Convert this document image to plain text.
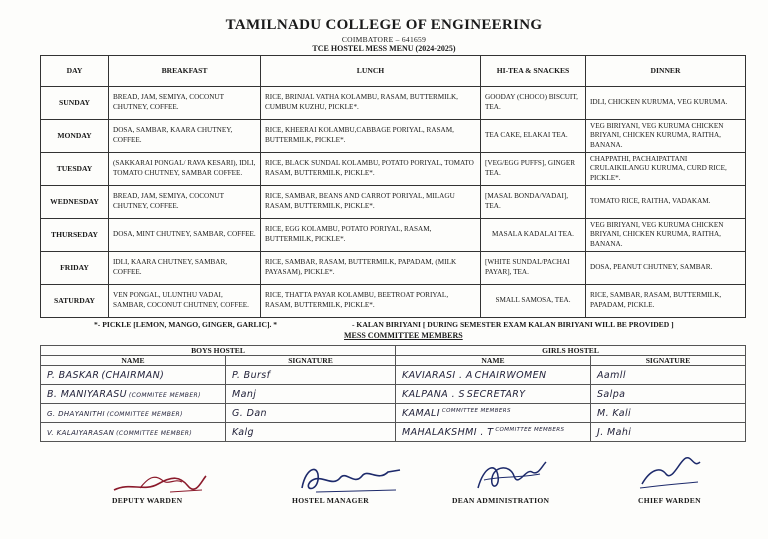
TAMILNADU COLLEGE OF ENGINEERING
COIMBATORE – 641659
TCE HOSTEL MESS MENU (2024-2025)
DAY	BREAKFAST	LUNCH	HI-TEA & SNACKES	DINNER
SUNDAY	BREAD, JAM, SEMIYA, COCONUT CHUTNEY, COFFEE.	RICE, BRINJAL VATHA KOLAMBU, RASAM, BUTTERMILK, CUMBUM KUZHU, PICKLE*.	GOODAY (CHOCO) BISCUIT, TEA.	IDLI, CHICKEN KURUMA, VEG KURUMA.
MONDAY	DOSA, SAMBAR, KAARA CHUTNEY, COFFEE.	RICE, KHEERAI KOLAMBU,CABBAGE PORIYAL, RASAM, BUTTERMILK, PICKLE*.	TEA CAKE, ELAKAI TEA.	VEG BIRIYANI, VEG KURUMA CHICKEN BRIYANI, CHICKEN KURUMA, RAITHA, BANANA.
TUESDAY	(SAKKARAI PONGAL/ RAVA KESARI), IDLI, TOMATO CHUTNEY, SAMBAR COFFEE.	RICE, BLACK SUNDAL KOLAMBU, POTATO PORIYAL, TOMATO RASAM, BUTTERMILK, PICKLE*.	[VEG/EGG PUFFS], GINGER TEA.	CHAPPATHI, PACHAIPATTANI CRULAIKILANGU KURUMA, CURD RICE, PICKLE*.
WEDNESDAY	BREAD, JAM, SEMIYA, COCONUT CHUTNEY, COFFEE.	RICE, SAMBAR, BEANS AND CARROT PORIYAL, MILAGU RASAM, BUTTERMILK, PICKLE*.	[MASAL BONDA/VADAI], TEA.	TOMATO RICE, RAITHA, VADAKAM.
THURSEDAY	DOSA, MINT CHUTNEY, SAMBAR, COFFEE.	RICE, EGG KOLAMBU, POTATO PORIYAL, RASAM, BUTTERMILK, PICKLE*.	MASALA KADALAI TEA.	VEG BIRIYANI, VEG KURUMA CHICKEN BRIYANI, CHICKEN KURUMA, RAITHA, BANANA.
FRIDAY	IDLI, KAARA CHUTNEY, SAMBAR, COFFEE.	RICE, SAMBAR, RASAM, BUTTERMILK, PAPADAM, (MILK PAYASAM), PICKLE*.	[WHITE SUNDAL/PACHAI PAYAR], TEA.	DOSA, PEANUT CHUTNEY, SAMBAR.
SATURDAY	VEN PONGAL, ULUNTHU VADAI, SAMBAR, COCONUT CHUTNEY, COFFEE.	RICE, THATTA PAYAR KOLAMBU, BEETROAT PORIYAL, RASAM, BUTTERMILK, PICKLE*.	SMALL SAMOSA, TEA.	RICE, SAMBAR, RASAM, BUTTERMILK, PAPADAM, PICKLE.
*- PICKLE [LEMON, MANGO, GINGER, GARLIC]. *	- KALAN BIRIYANI [ DURING SEMESTER EXAM KALAN BIRIYANI WILL BE PROVIDED ]
MESS COMMITTEE MEMBERS
BOYS HOSTEL		GIRLS HOSTEL	
NAME	SIGNATURE	NAME	SIGNATURE
P. BASKAR (CHAIRMAN)	P. Bursf	KAVIARASI . A CHAIRWOMEN	Aamll
B. MANIYARASU (COMMITEE MEMBER)	Manj	KALPANA . S SECRETARY	Salpa
G. DHAYANITHI (COMMITTEE MEMBER)	G. Dan	KAMALI $^{COMMITTEE MEMBERS}$	M. Kali
V. KALAIYARASAN (COMMITTEE MEMBER)	Kalg	MAHALAKSHMI . T $^{COMMITTEE MEMBERS}$	J. Mahi
DEPUTY WARDEN	HOSTEL MANAGER	DEAN ADMINISTRATION	CHIEF WARDEN
